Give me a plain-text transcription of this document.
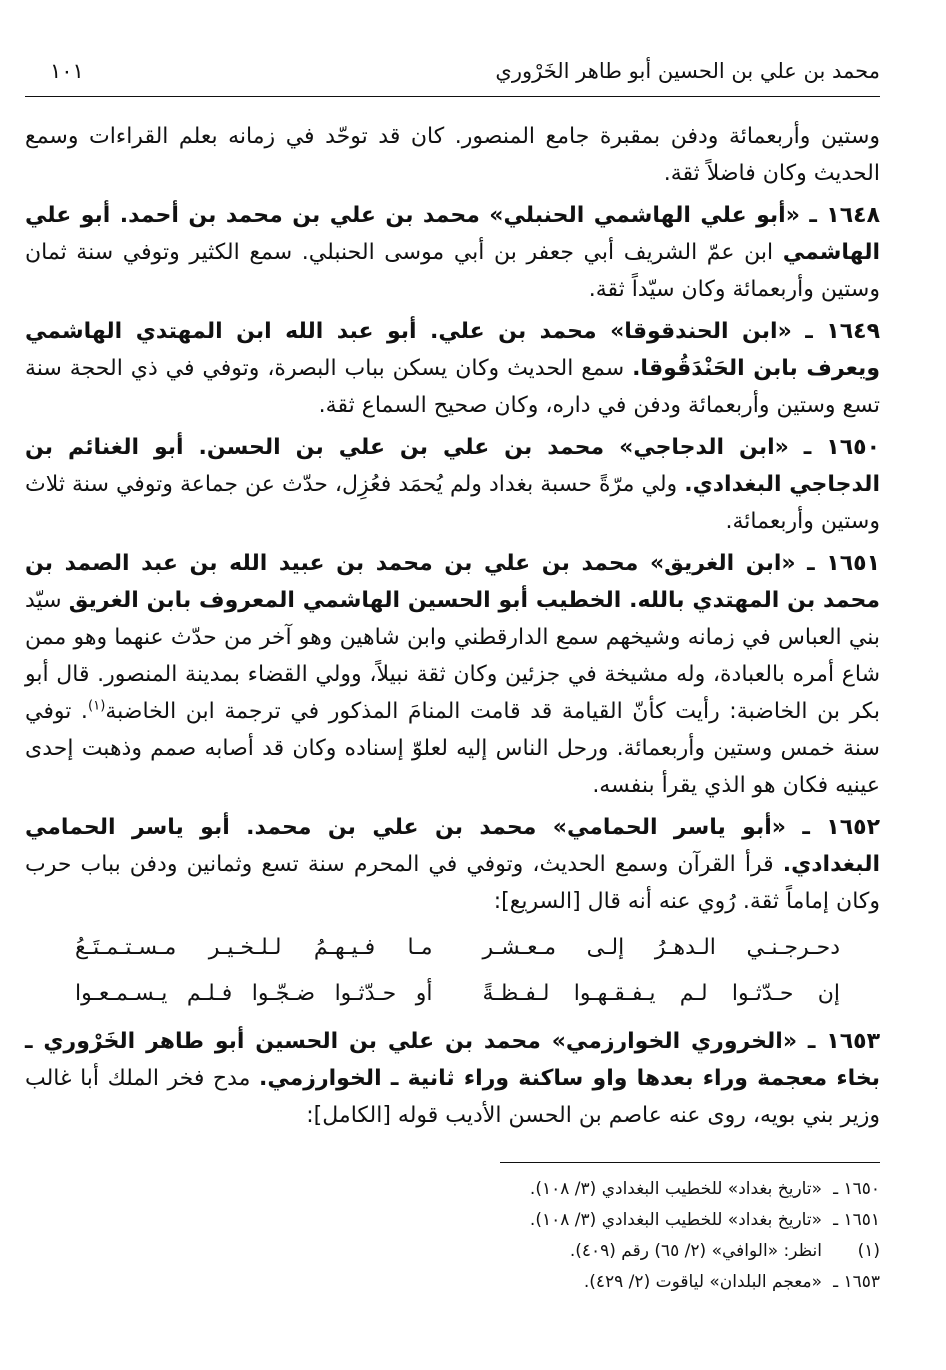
محمد بن علي بن الحسين أبو طاهر الخَرْوري
١٠١

وستين وأربعمائة ودفن بمقبرة جامع المنصور. كان قد توحّد في زمانه بعلم القراءات وسمع الحديث وكان فاضلاً ثقة.

١٦٤٨ ـ «أبو علي الهاشمي الحنبلي» محمد بن علي بن محمد بن أحمد. أبو علي الهاشمي ابن عمّ الشريف أبي جعفر بن أبي موسى الحنبلي. سمع الكثير وتوفي سنة ثمان وستين وأربعمائة وكان سيّداً ثقة.

١٦٤٩ ـ «ابن الحندقوقا» محمد بن علي. أبو عبد الله ابن المهتدي الهاشمي ويعرف بابن الحَنْدَقُوقا. سمع الحديث وكان يسكن بباب البصرة، وتوفي في ذي الحجة سنة تسع وستين وأربعمائة ودفن في داره، وكان صحيح السماع ثقة.

١٦٥٠ ـ «ابن الدجاجي» محمد بن علي بن علي بن الحسن. أبو الغنائم بن الدجاجي البغدادي. ولي مرّةً حسبة بغداد ولم يُحمَد فعُزِل، حدّث عن جماعة وتوفي سنة ثلاث وستين وأربعمائة.

١٦٥١ ـ «ابن الغريق» محمد بن علي بن محمد بن عبيد الله بن عبد الصمد بن محمد بن المهتدي بالله. الخطيب أبو الحسين الهاشمي المعروف بابن الغريق سيّد بني العباس في زمانه وشيخهم سمع الدارقطني وابن شاهين وهو آخر من حدّث عنهما وهو ممن شاع أمره بالعبادة، وله مشيخة في جزئين وكان ثقة نبيلاً، وولي القضاء بمدينة المنصور. قال أبو بكر بن الخاضبة: رأيت كأنّ القيامة قد قامت المنامَ المذكور في ترجمة ابن الخاضبة$^{(١)}$. توفي سنة خمس وستين وأربعمائة. ورحل الناس إليه لعلوّ إسناده وكان قد أصابه صمم وذهبت إحدى عينيه فكان هو الذي يقرأ بنفسه.

١٦٥٢ ـ «أبو ياسر الحمامي» محمد بن علي بن محمد. أبو ياسر الحمامي البغدادي. قرأ القرآن وسمع الحديث، وتوفي في المحرم سنة تسع وثمانين ودفن بباب حرب وكان إماماً ثقة. رُوي عنه أنه قال [السريع]:

دحـرجـنـي الـدهـرُ إلـى مـعـشـر
مـا فـيـهـمُ لـلـخـيـر مـسـتـمـتَـعُ
إن حـدّثـوا لـم يـفـقـهـوا لـفـظـةً
أو حـدّثـوا ضـجّـوا فـلـم يـسـمـعـوا

١٦٥٣ ـ «الخروري الخوارزمي» محمد بن علي بن الحسين أبو طاهر الخَرْوري ـ بخاء معجمة وراء بعدها واو ساكنة وراء ثانية ـ الخوارزمي. مدح فخر الملك أبا غالب وزير بني بويه، روى عنه عاصم بن الحسن الأديب قوله [الكامل]:

١٦٥٠ ـ
«تاريخ بغداد» للخطيب البغدادي (٣/ ١٠٨).
١٦٥١ ـ
«تاريخ بغداد» للخطيب البغدادي (٣/ ١٠٨).
(١)
انظر: «الوافي» (٢/ ٦٥) رقم (٤٠٩).
١٦٥٣ ـ
«معجم البلدان» لياقوت (٢/ ٤٢٩).
